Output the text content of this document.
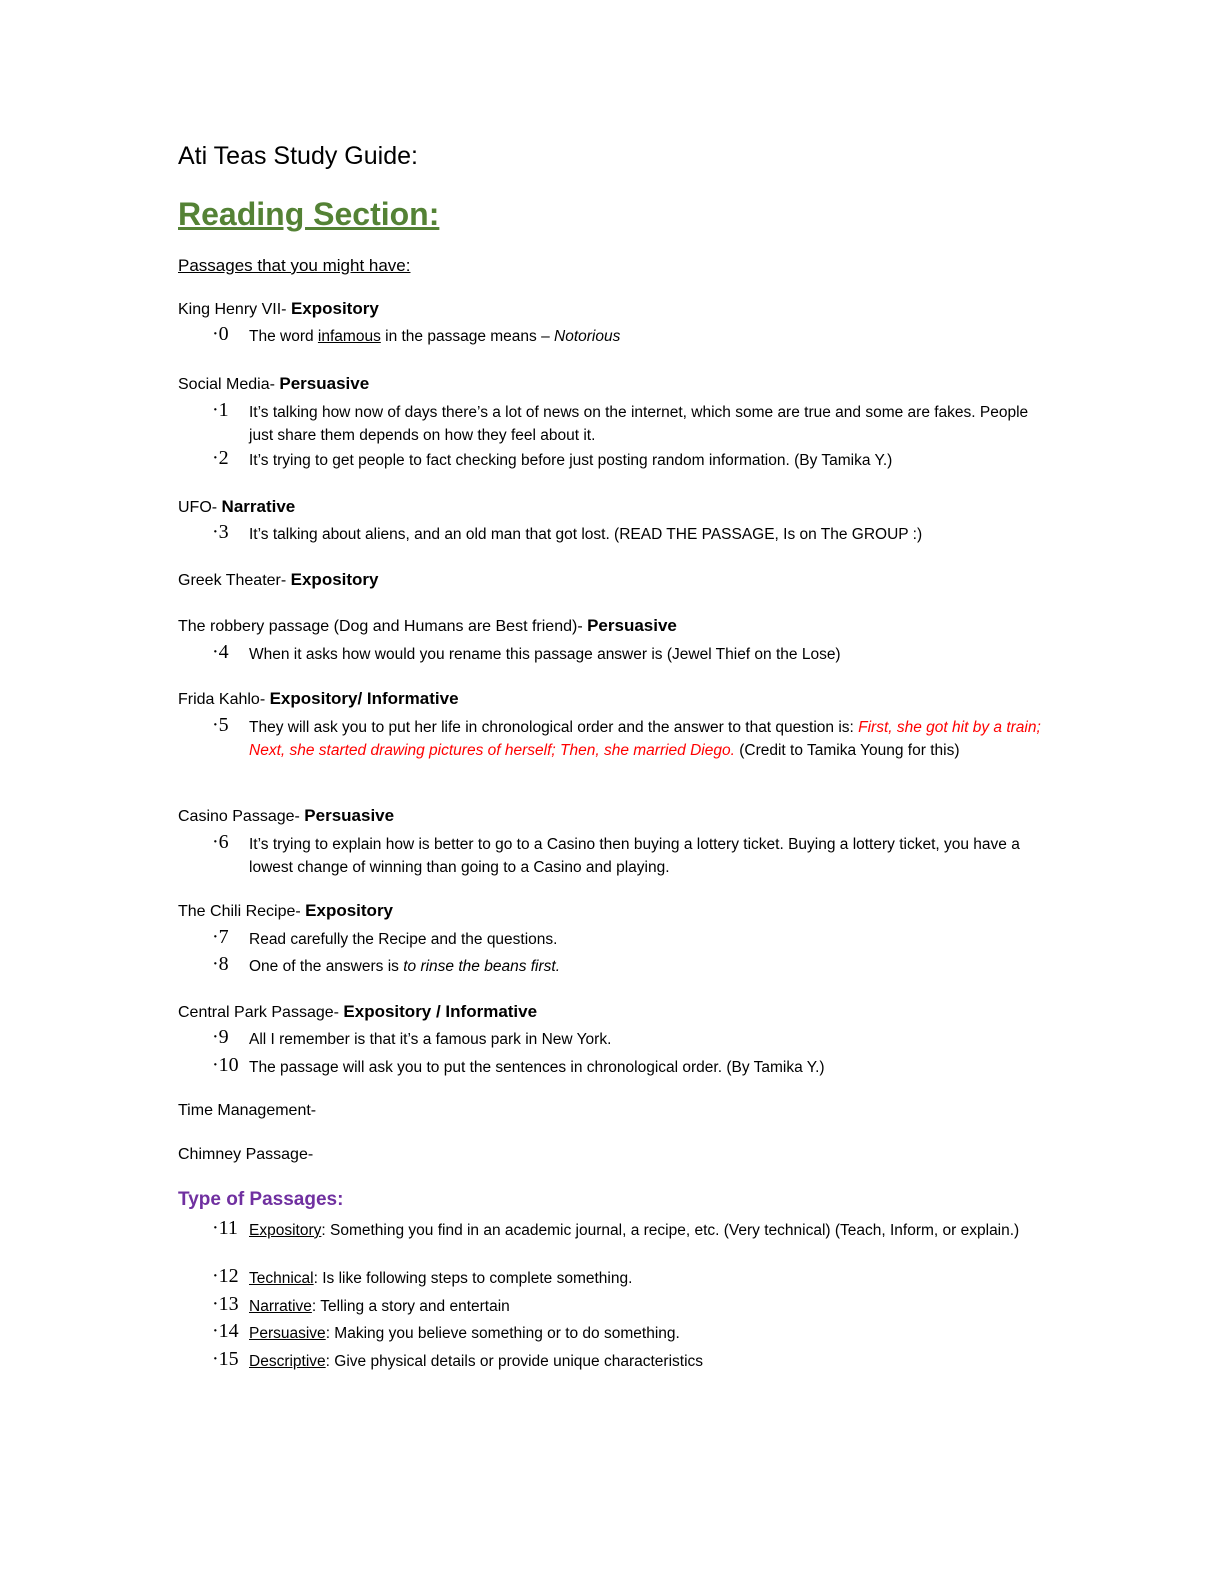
Ati Teas Study Guide:
Reading Section:
Passages that you might have:
King Henry VII- Expository
·0 The word infamous in the passage means – Notorious
Social Media- Persuasive
·1 It’s talking how now of days there’s a lot of news on the internet, which some are true and some are fakes. People just share them depends on how they feel about it.
·2 It’s trying to get people to fact checking before just posting random information. (By Tamika Y.)
UFO- Narrative
·3 It’s talking about aliens, and an old man that got lost. (READ THE PASSAGE, Is on The GROUP :)
Greek Theater- Expository
The robbery passage (Dog and Humans are Best friend)- Persuasive
·4 When it asks how would you rename this passage answer is (Jewel Thief on the Lose)
Frida Kahlo- Expository/ Informative
·5 They will ask you to put her life in chronological order and the answer to that question is: First, she got hit by a train; Next, she started drawing pictures of herself; Then, she married Diego. (Credit to Tamika Young for this)
Casino Passage- Persuasive
·6 It’s trying to explain how is better to go to a Casino then buying a lottery ticket. Buying a lottery ticket, you have a lowest change of winning than going to a Casino and playing.
The Chili Recipe- Expository
·7 Read carefully the Recipe and the questions.
·8 One of the answers is to rinse the beans first.
Central Park Passage- Expository / Informative
·9 All I remember is that it’s a famous park in New York.
·10 The passage will ask you to put the sentences in chronological order. (By Tamika Y.)
Time Management-
Chimney Passage-
Type of Passages:
·11 Expository: Something you find in an academic journal, a recipe, etc. (Very technical) (Teach, Inform, or explain.)
·12 Technical: Is like following steps to complete something.
·13 Narrative: Telling a story and entertain
·14 Persuasive: Making you believe something or to do something.
·15 Descriptive: Give physical details or provide unique characteristics
